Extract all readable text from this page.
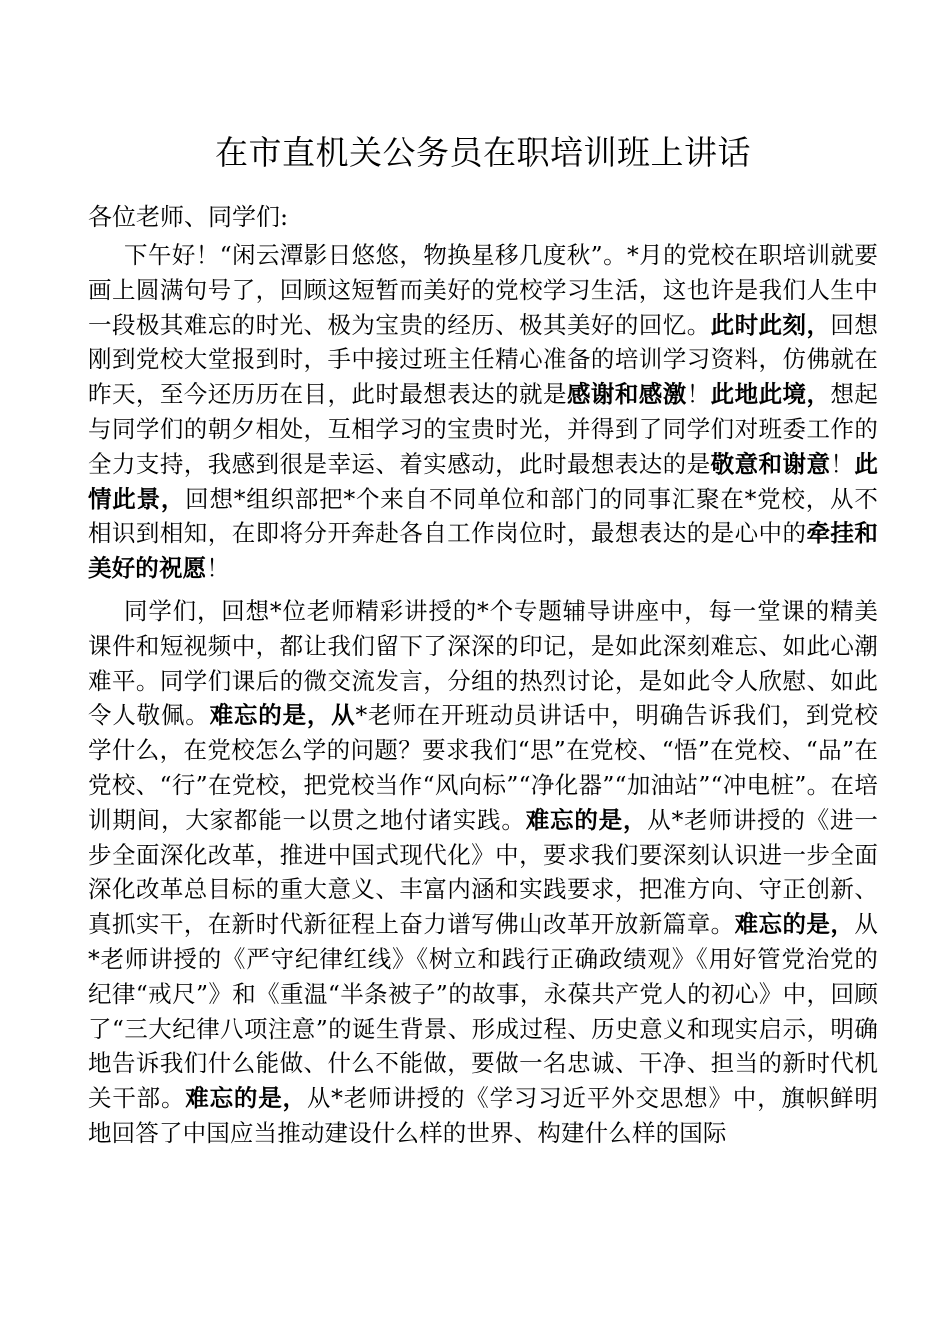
在市直机关公务员在职培训班上讲话
各位老师、同学们:

下午好！“闲云潭影日悠悠，物换星移几度秋”。*月的党校在职培训就要画上圆满句号了，回顾这短暂而美好的党校学习生活，这也许是我们人生中一段极其难忘的时光、极为宝贵的经历、极其美好的回忆。此时此刻，回想刚到党校大堂报到时，手中接过班主任精心准备的培训学习资料，仿佛就在昨天，至今还历历在目，此时最想表达的就是感谢和感激！此地此境，想起与同学们的朝夕相处，互相学习的宝贵时光，并得到了同学们对班委工作的全力支持，我感到很是幸运、着实感动，此时最想表达的是敬意和谢意！此情此景，回想*组织部把*个来自不同单位和部门的同事汇聚在*党校，从不相识到相知，在即将分开奔赴各自工作岗位时，最想表达的是心中的牵挂和美好的祝愿！

同学们，回想*位老师精彩讲授的*个专题辅导讲座中，每一堂课的精美课件和短视频中，都让我们留下了深深的印记，是如此深刻难忘、如此心潮难平。同学们课后的微交流发言，分组的热烈讨论，是如此令人欣慰、如此令人敬佩。难忘的是，从*老师在开班动员讲话中，明确告诉我们，到党校学什么，在党校怎么学的问题？要求我们“思”在党校、“悟”在党校、“品”在党校、“行”在党校，把党校当作“风向标”“净化器”“加油站”“冲电桩”。在培训期间，大家都能一以贯之地付诸实践。难忘的是，从*老师讲授的《进一步全面深化改革，推进中国式现代化》中，要求我们要深刻认识进一步全面深化改革总目标的重大意义、丰富内涵和实践要求，把准方向、守正创新、真抓实干，在新时代新征程上奋力谱写佛山改革开放新篇章。难忘的是，从*老师讲授的《严守纪律红线》《树立和践行正确政绩观》《用好管党治党的纪律“戒尺”》和《重温“半条被子”的故事，永葆共产党人的初心》中，回顾了“三大纪律八项注意”的诞生背景、形成过程、历史意义和现实启示，明确地告诉我们什么能做、什么不能做，要做一名忠诚、干净、担当的新时代机关干部。难忘的是，从*老师讲授的《学习习近平外交思想》中，旗帜鲜明地回答了中国应当推动建设什么样的世界、构建什么样的国际
